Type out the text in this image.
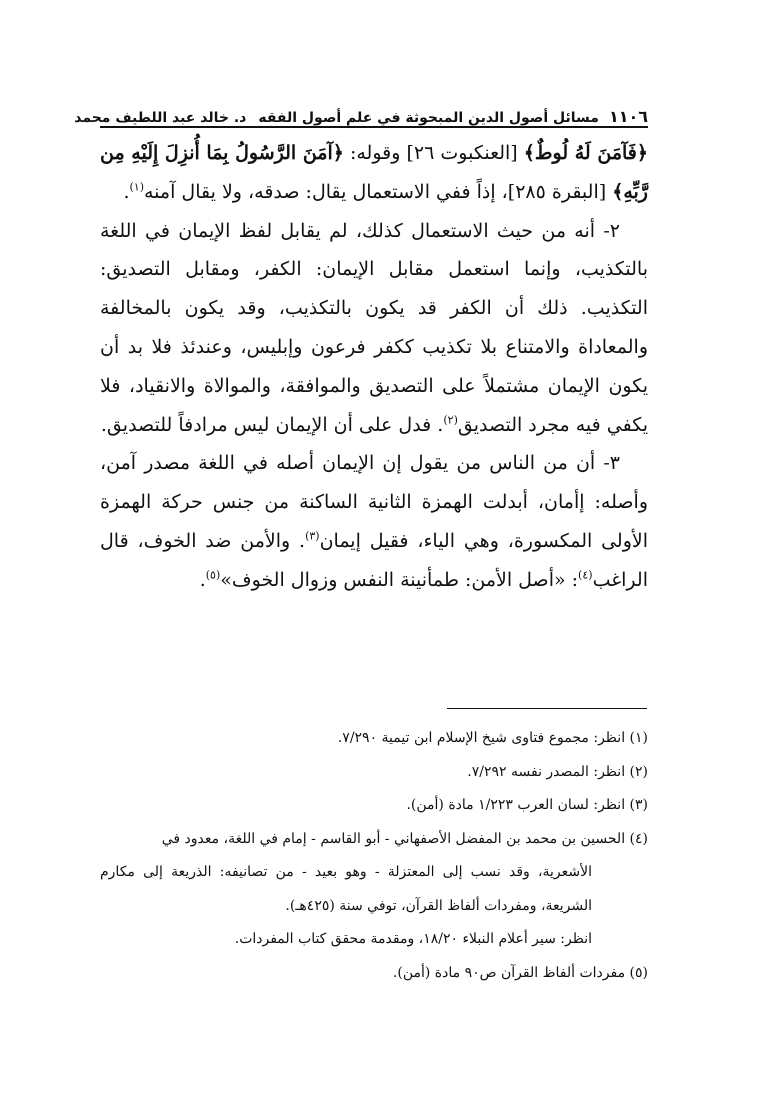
١١٠٦
مسائل أصول الدين المبحوثة في علم أصول الفقه
د. خالد عبد اللطيف محمد

﴿فَآمَنَ لَهُ لُوطٌ﴾ [العنكبوت ٢٦] وقوله: ﴿آمَنَ الرَّسُولُ بِمَا أُنزِلَ إِلَيْهِ مِن رَّبِّهِ﴾ [البقرة ٢٨٥]، إذاً ففي الاستعمال يقال: صدقه، ولا يقال آمنه$^{(١)}$.

٢- أنه من حيث الاستعمال كذلك، لم يقابل لفظ الإيمان في اللغة بالتكذيب، وإنما استعمل مقابل الإيمان: الكفر، ومقابل التصديق: التكذيب. ذلك أن الكفر قد يكون بالتكذيب، وقد يكون بالمخالفة والمعاداة والامتناع بلا تكذيب ككفر فرعون وإبليس، وعندئذ فلا بد أن يكون الإيمان مشتملاً على التصديق والموافقة، والموالاة والانقياد، فلا يكفي فيه مجرد التصديق$^{(٢)}$. فدل على أن الإيمان ليس مرادفاً للتصديق.

٣- أن من الناس من يقول إن الإيمان أصله في اللغة مصدر آمن، وأصله: إأمان، أبدلت الهمزة الثانية الساكنة من جنس حركة الهمزة الأولى المكسورة، وهي الياء، فقيل إيمان$^{(٣)}$. والأمن ضد الخوف، قال الراغب$^{(٤)}$: «أصل الأمن: طمأنينة النفس وزوال الخوف»$^{(٥)}$.

(١) انظر: مجموع فتاوى شيخ الإسلام ابن تيمية ٧/٢٩٠.

(٢) انظر: المصدر نفسه ٧/٢٩٢.

(٣) انظر: لسان العرب ١/٢٢٣ مادة (أمن).

(٤) الحسين بن محمد بن المفضل الأصفهاني - أبو القاسم - إمام في اللغة، معدود في

الأشعرية، وقد نسب إلى المعتزلة - وهو بعيد - من تصانيفه: الذريعة إلى مكارم الشريعة، ومفردات ألفاظ القرآن، توفي سنة (٤٢٥هـ).

انظر: سير أعلام النبلاء ١٨/٢٠، ومقدمة محقق كتاب المفردات.

(٥) مفردات ألفاظ القرآن ص٩٠ مادة (أمن).
